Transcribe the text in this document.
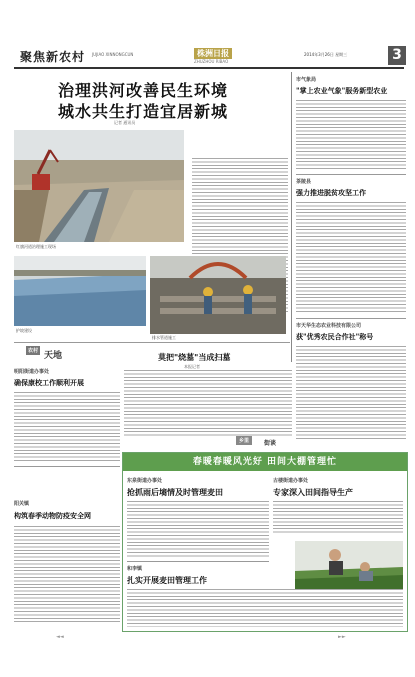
聚焦新农村 JUJIAO XINNONGCUN	株洲日报
ZHUZHOU RIBAO
2014年3月26日 星期三	3
治理洪河改善民生环境
城水共生打造宜居新城
记者 通讯员
红旗河道治理施工现场
护坡建设
排水管道施工
市气象局
"掌上农业气象"服务新型农业
茶陵县
强力推进脱贫攻坚工作
市天华生态农业科技有限公司
获"优秀农民合作社"称号
农村 天地
明阳街道办事处
确保康校工作顺利开展
阳关镇
构筑春季动物防疫安全网
莫把"烧墓"当成扫墓
本报记者
乡里	街谈
春暖春暖风光好 田间大棚管理忙
东泉街道办事处
抢抓雨后墒情及时管理麦田
古楼街道办事处
专家深入田间指导生产
和李镇
扎实开展麦田管理工作
◄◄	►►
